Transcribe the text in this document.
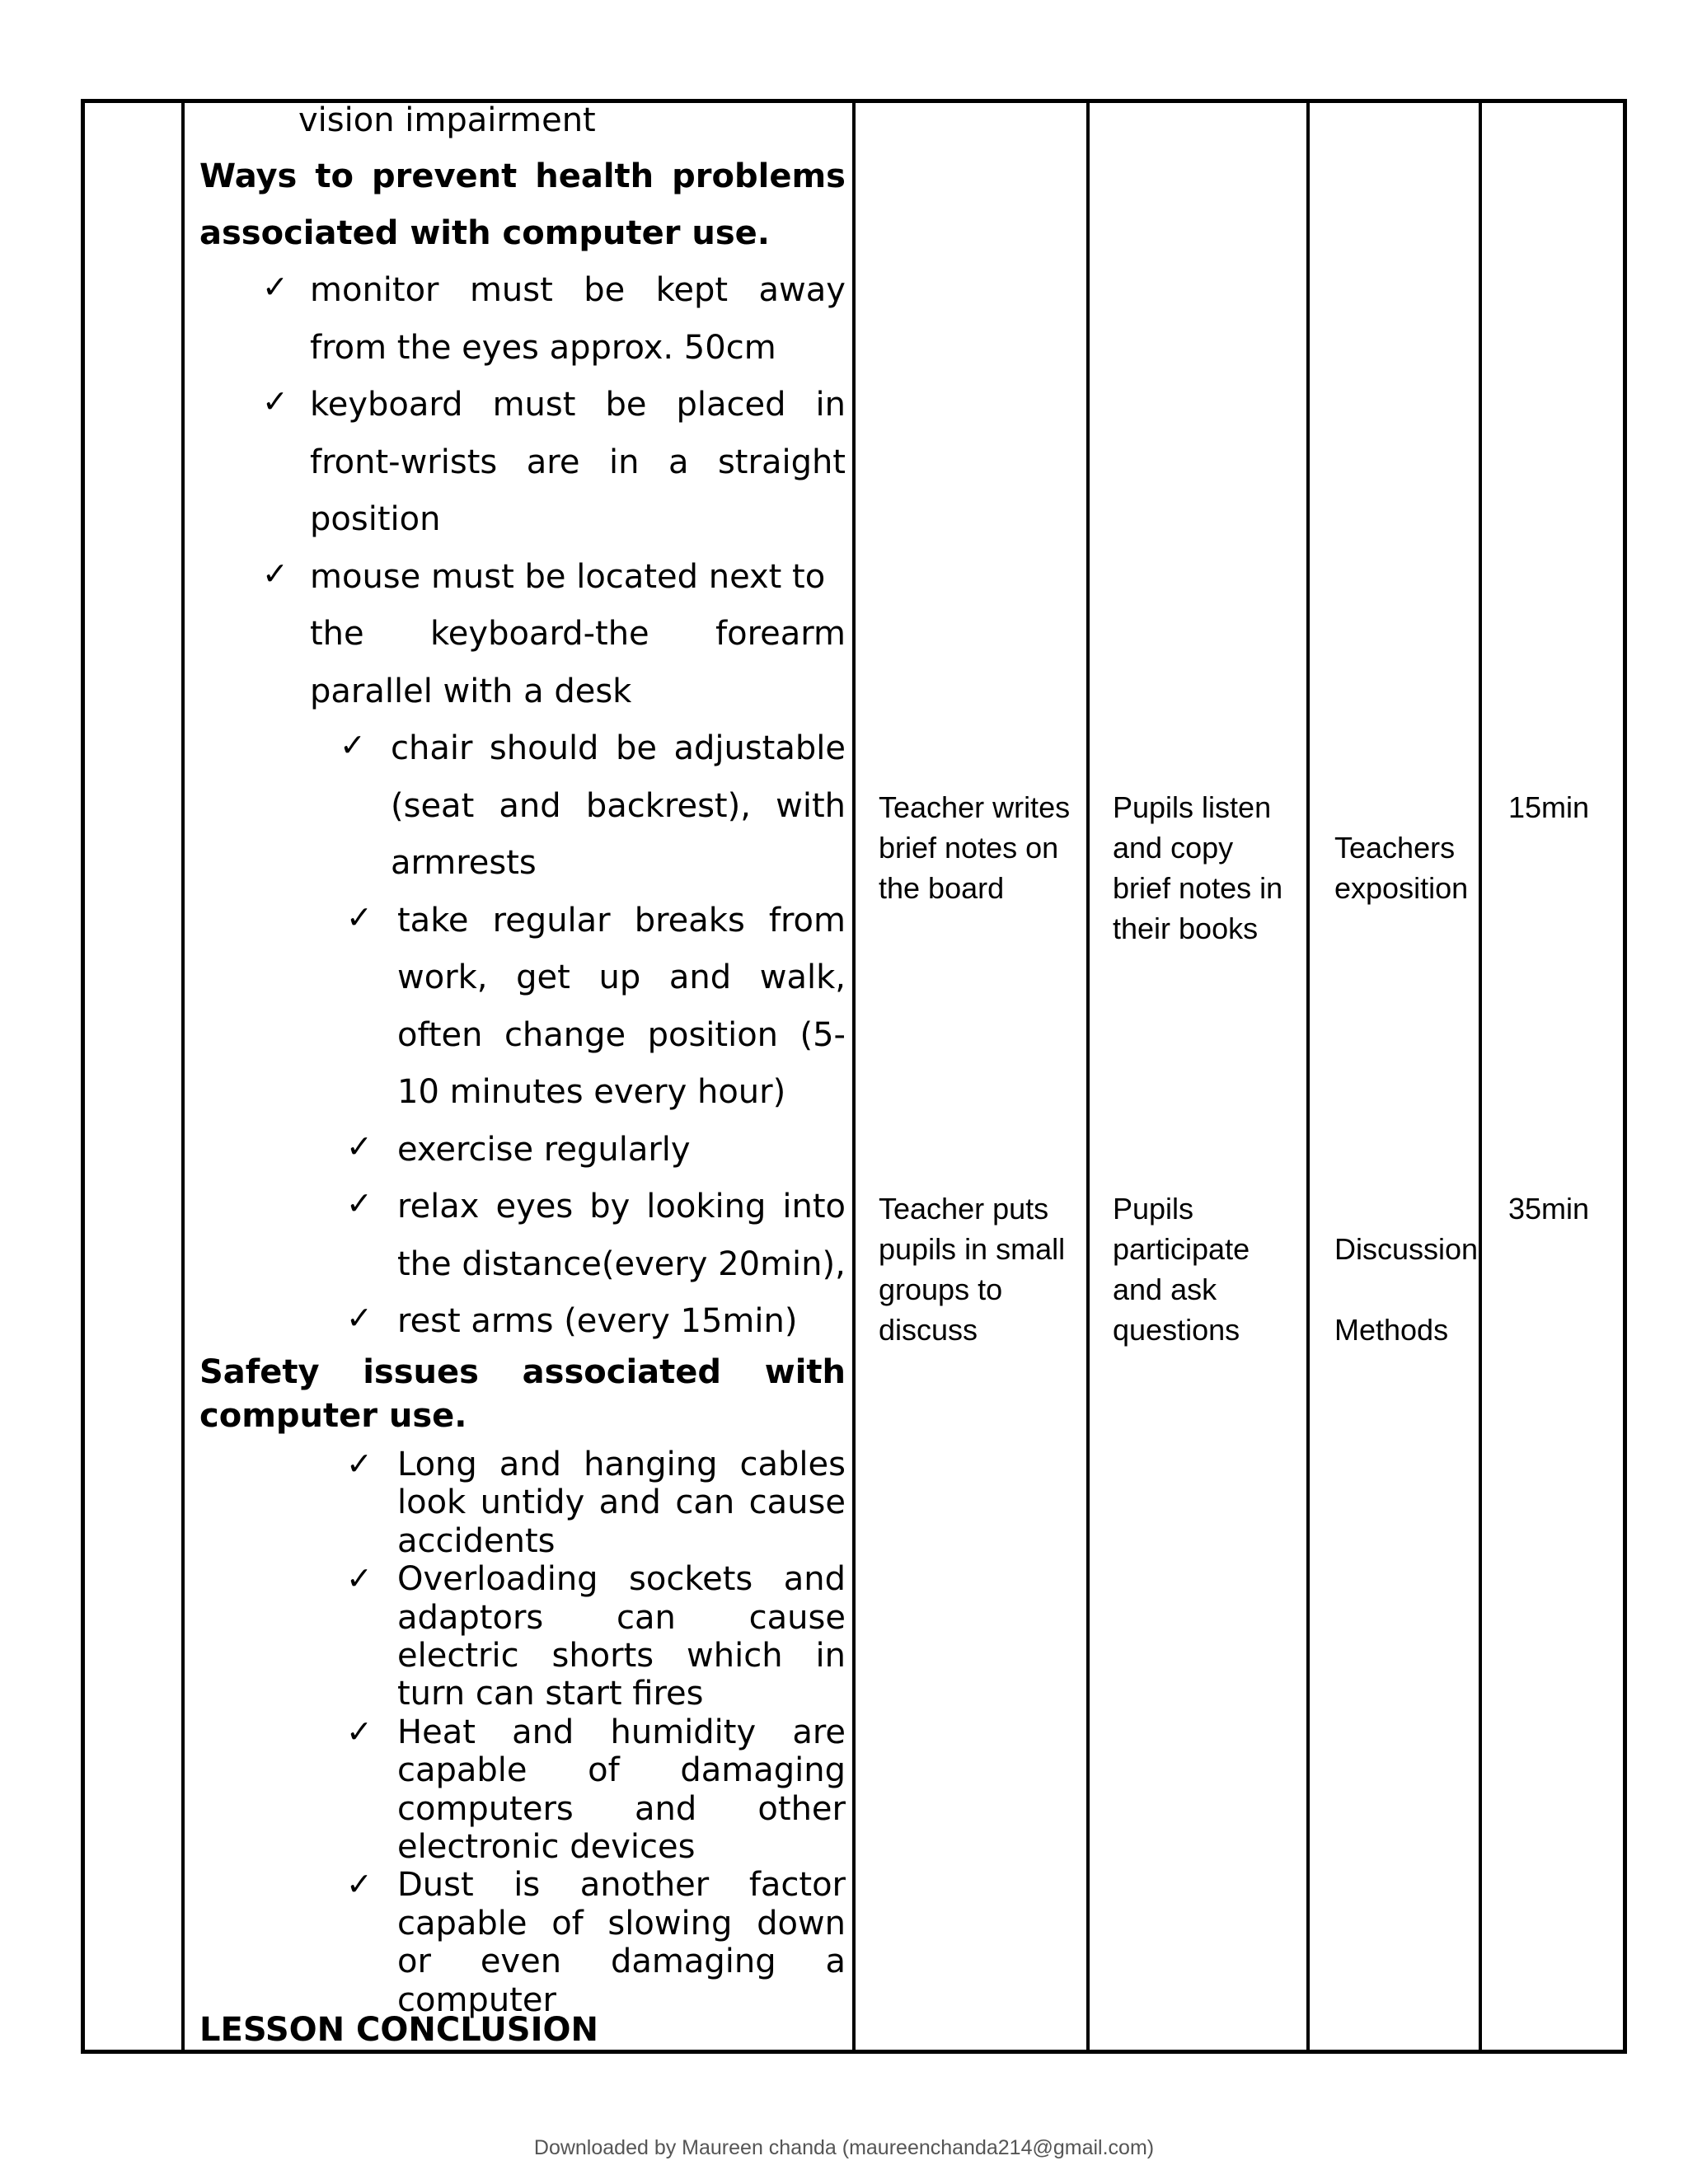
vision impairment
Ways to prevent health problems
associated with computer use.
✓ monitor must be kept away
from the eyes approx. 50cm
✓ keyboard must be placed in
front-wrists are in a straight
position
✓ mouse must be located next to
the keyboard-the forearm
parallel with a desk
✓ chair should be adjustable
(seat and backrest), with
armrests
✓ take regular breaks from
work, get up and walk,
often change position (5-
10 minutes every hour)
✓ exercise regularly
✓ relax eyes by looking into
the distance(every 20min),
✓ rest arms (every 15min)
Safety issues associated with
computer use.
✓ Long and hanging cables
look untidy and can cause
accidents
✓ Overloading sockets and
adaptors can cause
electric shorts which in
turn can start fires
✓ Heat and humidity are
capable of damaging
computers and other
electronic devices
✓ Dust is another factor
capable of slowing down
or even damaging a
computer
LESSON CONCLUSION
Teacher writes
brief notes on
the board
Pupils listen
and copy
brief notes in
their books
Teachers
exposition
15min
Teacher puts
pupils in small
groups to
discuss
Pupils
participate
and ask
questions
Discussion
Methods
35min
Downloaded by Maureen chanda (maureenchanda214@gmail.com)
